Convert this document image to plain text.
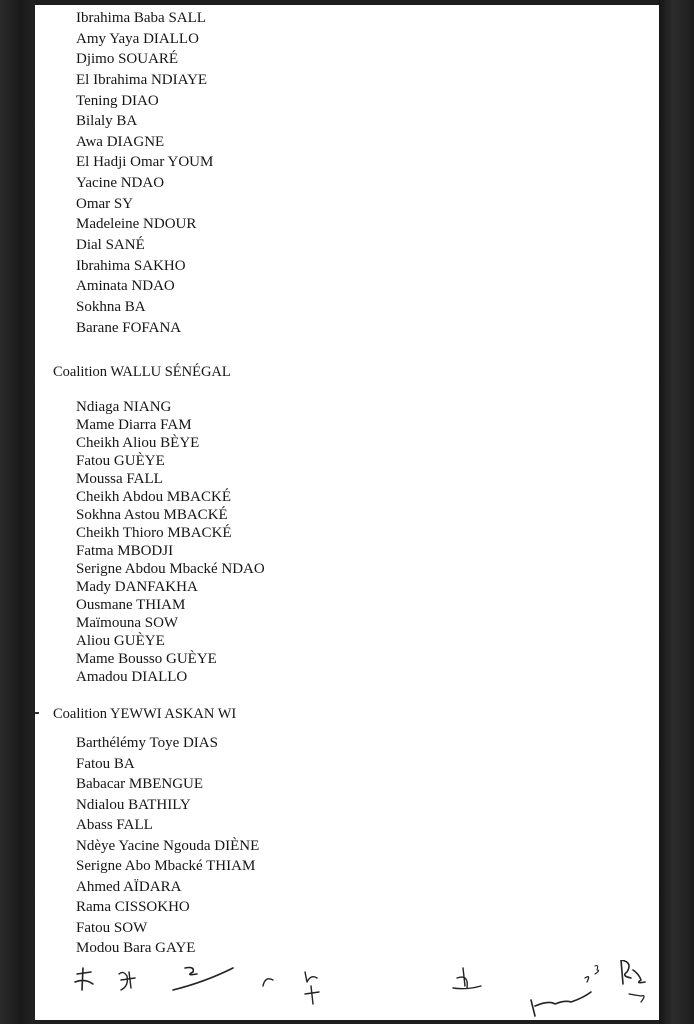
Ibrahima Baba SALL
Amy Yaya DIALLO
Djimo SOUARÉ
El Ibrahima NDIAYE
Tening DIAO
Bilaly BA
Awa DIAGNE
El Hadji Omar YOUM
Yacine NDAO
Omar SY
Madeleine NDOUR
Dial SANÉ
Ibrahima SAKHO
Aminata NDAO
Sokhna BA
Barane FOFANA
Coalition WALLU SÉNÉGAL
Ndiaga NIANG
Mame Diarra FAM
Cheikh Aliou BÈYE
Fatou GUÈYE
Moussa FALL
Cheikh Abdou MBACKÉ
Sokhna Astou MBACKÉ
Cheikh Thioro MBACKÉ
Fatma MBODJI
Serigne Abdou Mbacké NDAO
Mady DANFAKHA
Ousmane THIAM
Maïmouna SOW
Aliou GUÈYE
Mame Bousso GUÈYE
Amadou DIALLO
Coalition YEWWI ASKAN WI
Barthélémy Toye DIAS
Fatou BA
Babacar MBENGUE
Ndialou BATHILY
Abass FALL
Ndèye Yacine Ngouda DIÈNE
Serigne Abo Mbacké THIAM
Ahmed AÏDARA
Rama CISSOKHO
Fatou SOW
Modou Bara GAYE
